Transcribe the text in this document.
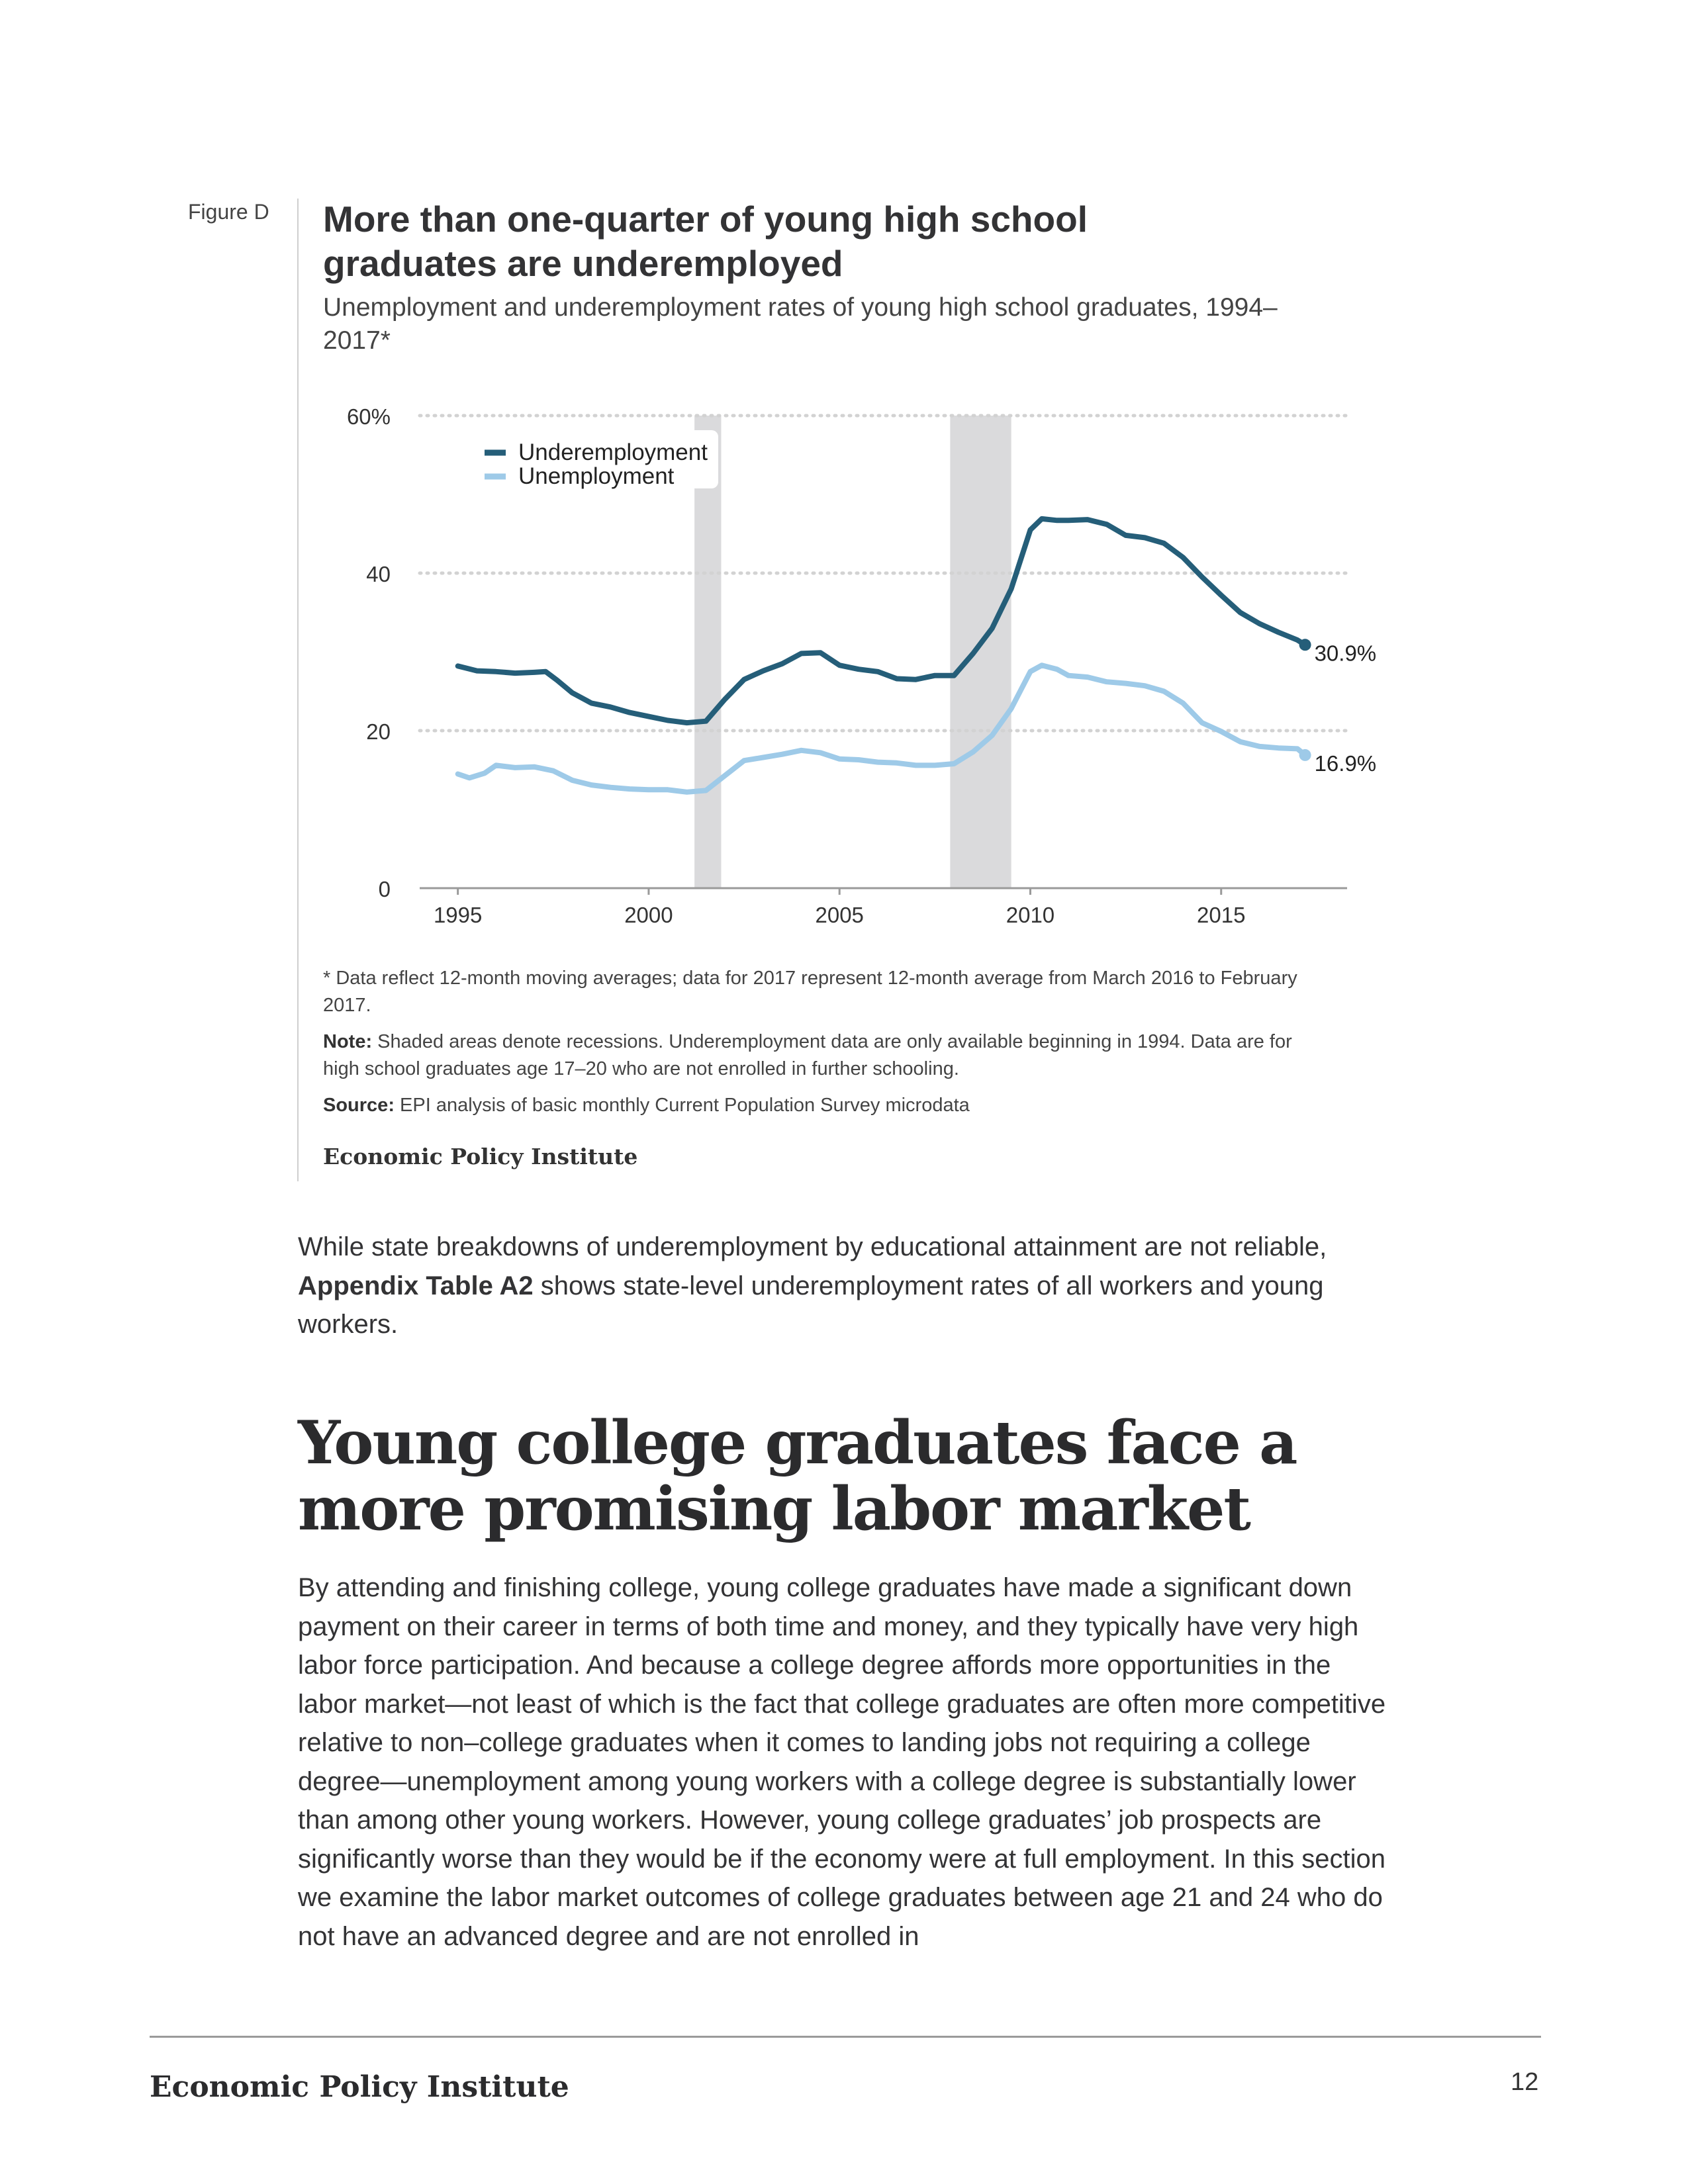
Figure D More than one-quarter of young high school graduates are underemployed
Unemployment and underemployment rates of young high school graduates, 1994–2017*
0
20
40
60%
1995	2000	2005	2010	2015
16.9%
30.9%
Underemployment
Unemployment

* Data reflect 12-month moving averages; data for 2017 represent 12-month average from March 2016 to February 2017.

Note: Shaded areas denote recessions. Underemployment data are only available beginning in 1994. Data are for high school graduates age 17–20 who are not enrolled in further schooling.

Source: EPI analysis of basic monthly Current Population Survey microdata

Economic Policy Institute
While state breakdowns of underemployment by educational attainment are not reliable, Appendix Table A2 shows state-level underemployment rates of all workers and young workers.
Young college graduates face a more promising labor market
By attending and finishing college, young college graduates have made a significant down payment on their career in terms of both time and money, and they typically have very high labor force participation. And because a college degree affords more opportunities in the labor market—not least of which is the fact that college graduates are often more competitive relative to non–college graduates when it comes to landing jobs not requiring a college degree—unemployment among young workers with a college degree is substantially lower than among other young workers. However, young college graduates’ job prospects are significantly worse than they would be if the economy were at full employment. In this section we examine the labor market outcomes of college graduates between age 21 and 24 who do not have an advanced degree and are not enrolled in
Economic Policy Institute	12
